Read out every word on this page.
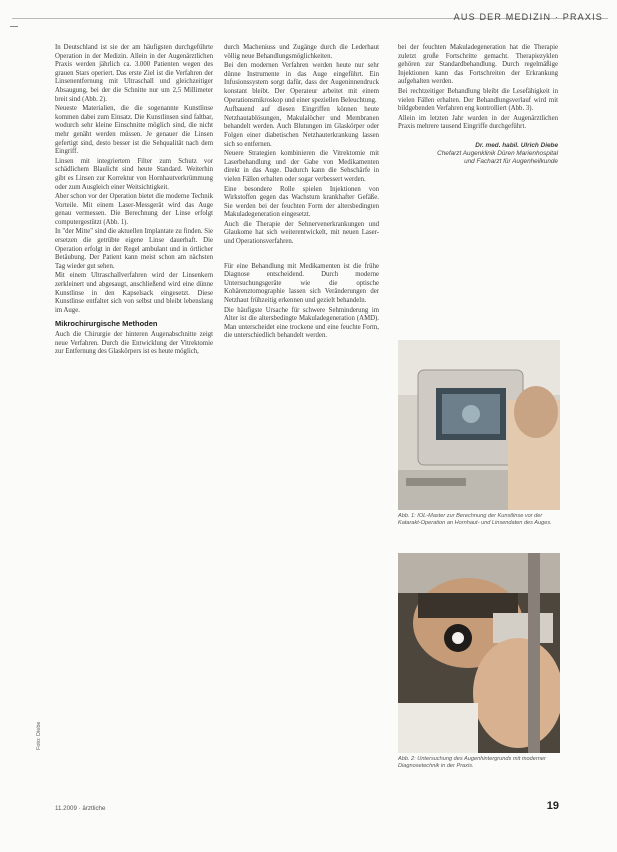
AUS DER MEDIZIN · PRAXIS

In Deutschland ist sie der am häufigsten durchgeführte Operation in der Medizin. Allein in der Augenärztlichen Praxis werden jährlich ca. 3.000 Patienten wegen des grauen Stars operiert. Das erste Ziel ist die Verfahren der Linsenentfernung mit Ultraschall und gleichzeitiger Absaugung, bei der die Schnitte nur um 2,5 Millimeter breit sind (Abb. 2).

Neueste Materialien, die die sogenannte Kunstlinse kommen dabei zum Einsatz. Die Kunstlinsen sind faltbar, wodurch sehr kleine Einschnitte möglich sind, die nicht mehr genäht werden müssen. Je genauer die Linsen gefertigt sind, desto besser ist die Sehqualität nach dem Eingriff.

Linsen mit integriertem Filter zum Schutz vor schädlichem Blaulicht sind heute Standard. Weiterhin gibt es Linsen zur Korrektur von Hornhautverkrümmung oder zum Ausgleich einer Weitsichtigkeit.

Aber schon vor der Operation bietet die moderne Technik Vorteile. Mit einem Laser-Messgerät wird das Auge genau vermessen. Die Berechnung der Linse erfolgt computergestützt (Abb. 1).

In "der Mitte" sind die aktuellen Implantate zu finden. Sie ersetzen die getrübte eigene Linse dauerhaft. Die Operation erfolgt in der Regel ambulant und in örtlicher Betäubung. Der Patient kann meist schon am nächsten Tag wieder gut sehen.

Mit einem Ultraschallverfahren wird der Linsenkern zerkleinert und abgesaugt, anschließend wird eine dünne Kunstlinse in den Kapselsack eingesetzt. Diese Kunstlinse entfaltet sich von selbst und bleibt lebenslang im Auge.

Mikrochirurgische Methoden

Auch die Chirurgie der hinteren Augenabschnitte zeigt neue Verfahren. Durch die Entwicklung der Vitrektomie zur Entfernung des Glaskörpers ist es heute möglich,

durch Macheniuss und Zugänge durch die Lederhaut völlig neue Behandlungsmöglichkeiten.

Bei den modernen Verfahren werden heute nur sehr dünne Instrumente in das Auge eingeführt. Ein Infusionssystem sorgt dafür, dass der Augeninnendruck konstant bleibt. Der Operateur arbeitet mit einem Operationsmikroskop und einer speziellen Beleuchtung.

Aufbauend auf diesen Eingriffen können heute Netzhautablösungen, Makulalöcher und Membranen behandelt werden. Auch Blutungen im Glaskörper oder Folgen einer diabetischen Netzhauterkrankung lassen sich so entfernen.

Neuere Strategien kombinieren die Vitrektomie mit Laserbehandlung und der Gabe von Medikamenten direkt in das Auge. Dadurch kann die Sehschärfe in vielen Fällen erhalten oder sogar verbessert werden.

Eine besondere Rolle spielen Injektionen von Wirkstoffen gegen das Wachstum krankhafter Gefäße. Sie werden bei der feuchten Form der altersbedingten Makuladegeneration eingesetzt.

Auch die Therapie der Sehnervenerkrankungen und Glaukome hat sich weiterentwickelt, mit neuen Laser- und Operationsverfahren.

Für eine Behandlung mit Medikamenten ist die frühe Diagnose entscheidend. Durch moderne Untersuchungsgeräte wie die optische Kohärenztomographie lassen sich Veränderungen der Netzhaut frühzeitig erkennen und gezielt behandeln.

Die häufigste Ursache für schwere Sehminderung im Alter ist die altersbedingte Makuladegeneration (AMD). Man unterscheidet eine trockene und eine feuchte Form, die unterschiedlich behandelt werden.

bei der feuchten Makuladegeneration hat die Therapie zuletzt große Fortschritte gemacht. Therapiezyklen gehören zur Standardbehandlung. Durch regelmäßige Injektionen kann das Fortschreiten der Erkrankung aufgehalten werden.

Bei rechtzeitiger Behandlung bleibt die Lesefähigkeit in vielen Fällen erhalten. Der Behandlungsverlauf wird mit bildgebenden Verfahren eng kontrolliert (Abb. 3).

Allein im letzten Jahr wurden in der Augenärztlichen Praxis mehrere tausend Eingriffe durchgeführt.

Dr. med. habil. Ulrich Diebe
Chefarzt Augenklinik Düren Marienhospital
und Facharzt für Augenheilkunde
Abb. 1: IOL-Master zur Berechnung der Kunstlinse vor der Katarakt-Operation an Hornhaut- und Linsendaten des Auges.
Abb. 2: Untersuchung des Augenhintergrunds mit moderner Diagnosetechnik in der Praxis.
Foto: Diebe
11.2009 · ärztliche	19
